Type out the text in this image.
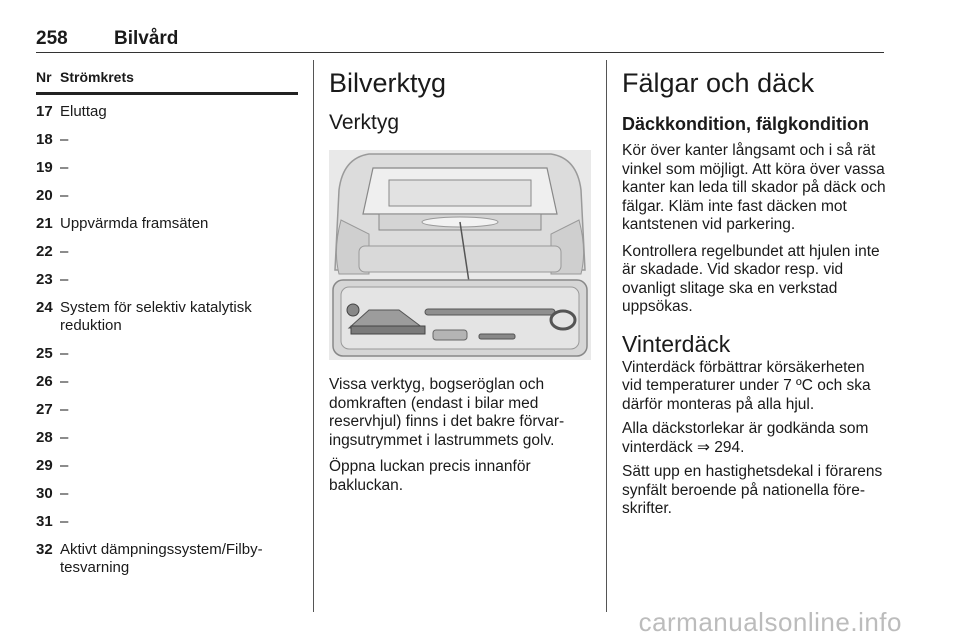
258 Bilvård
Nr Strömkrets
17 Eluttag
18 –
19 –
20 –
21 Uppvärmda framsäten
22 –
23 –
24 System för selektiv katalytisk reduktion
25 –
26 –
27 –
28 –
29 –
30 –
31 –
32 Aktivt dämpningssystem/Filby-tesvarning
Bilverktyg
Verktyg

Vissa verktyg, bogseröglan och domkraften (endast i bilar med reservhjul) finns i det bakre förvar-ingsutrymmet i lastrummets golv.

Öppna luckan precis innanför bakluckan.

Fälgar och däck
Däckkondition, fälgkondition

Kör över kanter långsamt och i så rät vinkel som möjligt. Att köra över vassa kanter kan leda till skador på däck och fälgar. Kläm inte fast däcken mot kantstenen vid parkering.

Kontrollera regelbundet att hjulen inte är skadade. Vid skador resp. vid ovanligt slitage ska en verkstad uppsökas.

Vinterdäck

Vinterdäck förbättrar körsäkerheten vid temperaturer under 7 ºC och ska därför monteras på alla hjul.

Alla däckstorlekar är godkända som vinterdäck ⇒ 294.

Sätt upp en hastighetsdekal i förarens synfält beroende på nationella före-skrifter.

carmanualsonline.info
